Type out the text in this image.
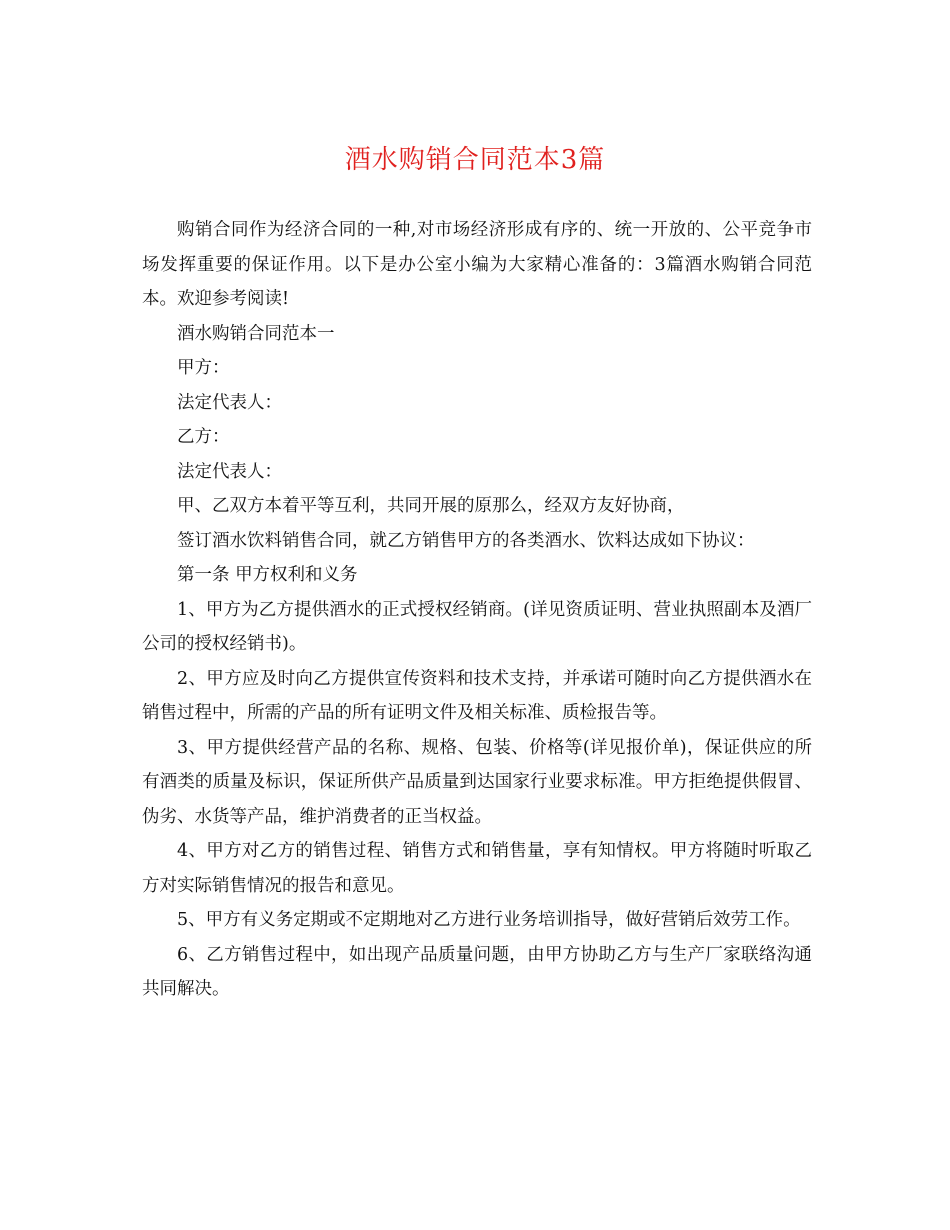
酒水购销合同范本3篇

购销合同作为经济合同的一种,对市场经济形成有序的、统一开放的、公平竞争市场发挥重要的保证作用。以下是办公室小编为大家精心准备的：3篇酒水购销合同范本。欢迎参考阅读!

酒水购销合同范本一

甲方：

法定代表人：

乙方：

法定代表人：

甲、乙双方本着平等互利，共同开展的原那么，经双方友好协商，

签订酒水饮料销售合同，就乙方销售甲方的各类酒水、饮料达成如下协议：

第一条 甲方权利和义务

1、甲方为乙方提供酒水的正式授权经销商。(详见资质证明、营业执照副本及酒厂公司的授权经销书)。

2、甲方应及时向乙方提供宣传资料和技术支持，并承诺可随时向乙方提供酒水在销售过程中，所需的产品的所有证明文件及相关标准、质检报告等。

3、甲方提供经营产品的名称、规格、包装、价格等(详见报价单)，保证供应的所有酒类的质量及标识，保证所供产品质量到达国家行业要求标准。甲方拒绝提供假冒、伪劣、水货等产品，维护消费者的正当权益。

4、甲方对乙方的销售过程、销售方式和销售量，享有知情权。甲方将随时听取乙方对实际销售情况的报告和意见。

5、甲方有义务定期或不定期地对乙方进行业务培训指导，做好营销后效劳工作。

6、乙方销售过程中，如出现产品质量问题，由甲方协助乙方与生产厂家联络沟通共同解决。
